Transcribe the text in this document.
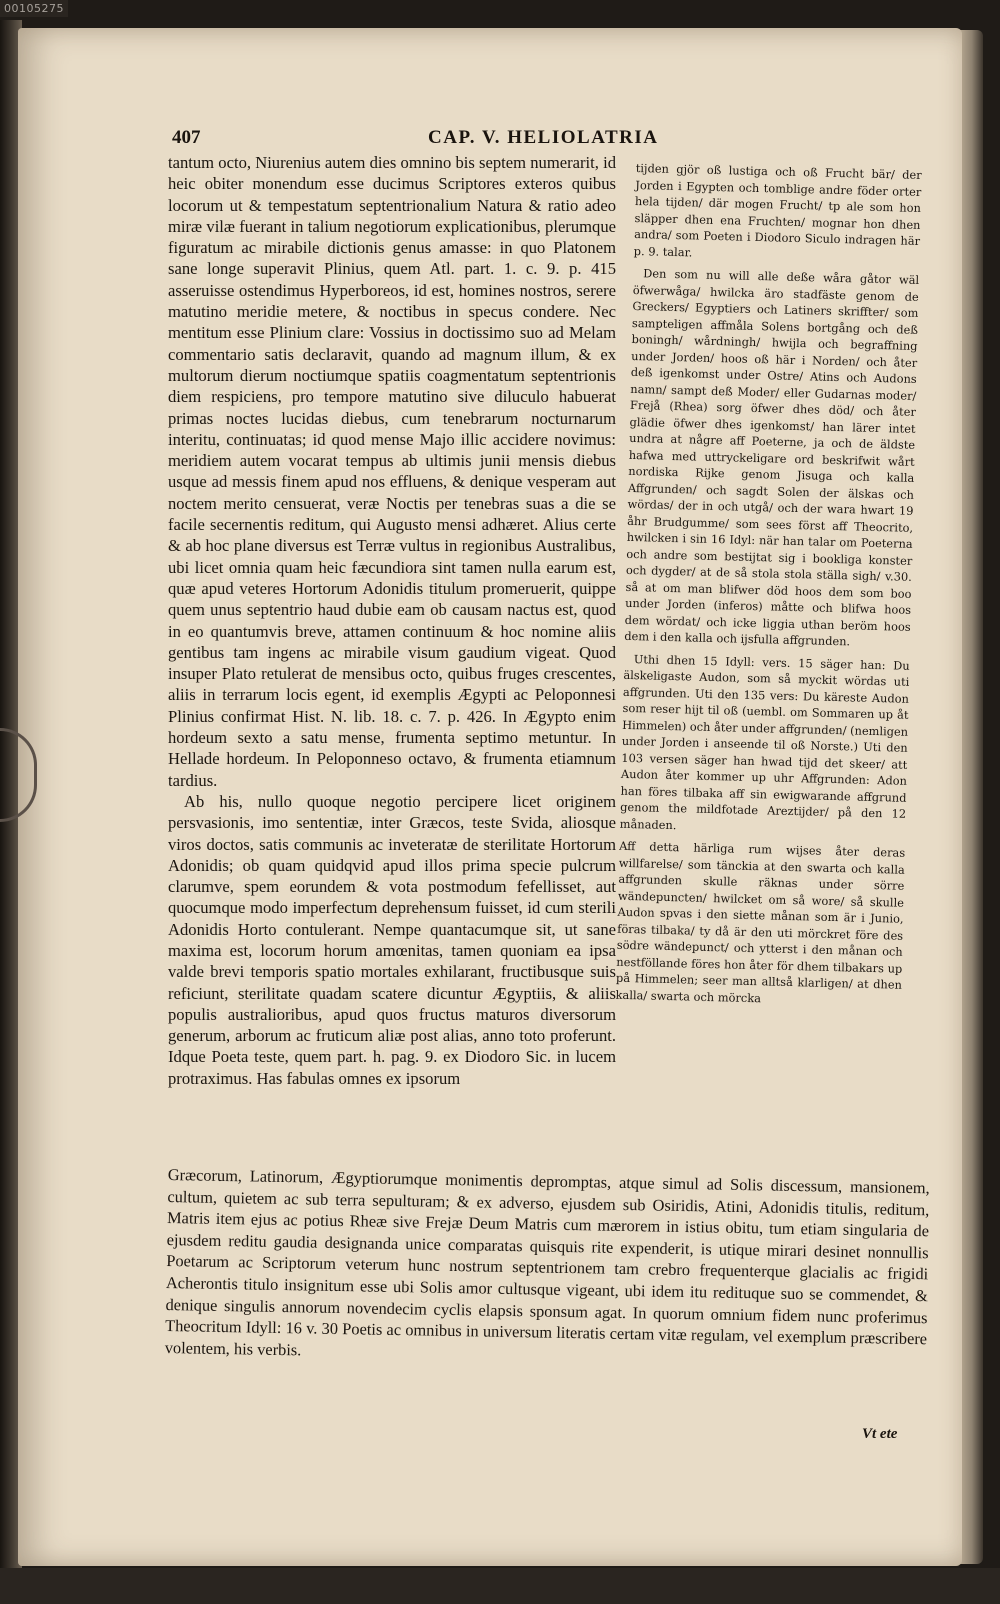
00105275
407	CAP. V. HELIOLATRIA

tantum octo, Niurenius autem dies omnino bis septem numerarit, id heic obiter monendum esse ducimus Scriptores exteros quibus locorum ut & tempestatum septentrionalium Natura & ratio adeo miræ vilæ fuerant in talium negotiorum explicationibus, plerumque figuratum ac mirabile dictionis genus amasse: in quo Platonem sane longe superavit Plinius, quem Atl. part. 1. c. 9. p. 415 asseruisse ostendimus Hyperboreos, id est, homines nostros, serere matutino meridie metere, & noctibus in specus condere. Nec mentitum esse Plinium clare: Vossius in doctissimo suo ad Melam commentario satis declaravit, quando ad magnum illum, & ex multorum dierum noctiumque spatiis coagmentatum septentrionis diem respiciens, pro tempore matutino sive diluculo habuerat primas noctes lucidas diebus, cum tenebrarum nocturnarum interitu, continuatas; id quod mense Majo illic accidere novimus: meridiem autem vocarat tempus ab ultimis junii mensis diebus usque ad messis finem apud nos effluens, & denique vesperam aut noctem merito censuerat, veræ Noctis per tenebras suas a die se facile secernentis reditum, qui Augusto mensi adhæret. Alius certe & ab hoc plane diversus est Terræ vultus in regionibus Australibus, ubi licet omnia quam heic fæcundiora sint tamen nulla earum est, quæ apud veteres Hortorum Adonidis titulum promeruerit, quippe quem unus septentrio haud dubie eam ob causam nactus est, quod in eo quantumvis breve, attamen continuum & hoc nomine aliis gentibus tam ingens ac mirabile visum gaudium vigeat. Quod insuper Plato retulerat de mensibus octo, quibus fruges crescentes, aliis in terrarum locis egent, id exemplis Ægypti ac Peloponnesi Plinius confirmat Hist. N. lib. 18. c. 7. p. 426. In Ægypto enim hordeum sexto a satu mense, frumenta septimo metuntur. In Hellade hordeum. In Peloponneso octavo, & frumenta etiamnum tardius.

Ab his, nullo quoque negotio percipere licet originem persvasionis, imo sententiæ, inter Græcos, teste Svida, aliosque viros doctos, satis communis ac inveteratæ de sterilitate Hortorum Adonidis; ob quam quidqvid apud illos prima specie pulcrum clarumve, spem eorundem & vota postmodum fefellisset, aut quocumque modo imperfectum deprehensum fuisset, id cum sterili Adonidis Horto contulerant. Nempe quantacumque sit, ut sane maxima est, locorum horum amœnitas, tamen quoniam ea ipsa valde brevi temporis spatio mortales exhilarant, fructibusque suis reficiunt, sterilitate quadam scatere dicuntur Ægyptiis, & aliis populis australioribus, apud quos fructus maturos diversorum generum, arborum ac fruticum aliæ post alias, anno toto proferunt. Idque Poeta teste, quem part. h. pag. 9. ex Diodoro Sic. in lucem protraximus. Has fabulas omnes ex ipsorum

tijden gjör oß lustiga och oß Frucht bär/ der Jorden i Egypten och tomblige andre föder orter hela tijden/ där mogen Frucht/ tp ale som hon släpper dhen ena Fruchten/ mognar hon dhen andra/ som Poeten i Diodoro Siculo indragen här p. 9. talar.

Den som nu will alle deße wåra gåtor wäl öfwerwåga/ hwilcka äro stadfäste genom de Greckers/ Egyptiers och Latiners skriffter/ som sampteligen affmåla Solens bortgång och deß boningh/ wårdningh/ hwijla och begraffning under Jorden/ hoos oß här i Norden/ och åter deß igenkomst under Ostre/ Atins och Audons namn/ sampt deß Moder/ eller Gudarnas moder/ Frejå (Rhea) sorg öfwer dhes död/ och åter glädie öfwer dhes igenkomst/ han lärer intet undra at någre aff Poeterne, ja och de äldste hafwa med uttryckeligare ord beskrifwit wårt nordiska Rijke genom Jisuga och kalla Affgrunden/ och sagdt Solen der älskas och wördas/ der in och utgå/ och der wara hwart 19 åhr Brudgumme/ som sees först aff Theocrito, hwilcken i sin 16 Idyl: när han talar om Poeterna och andre som bestijtat sig i bookliga konster och dygder/ at de så stola stola ställa sigh/ v.30. så at om man blifwer död hoos dem som boo under Jorden (inferos) måtte och blifwa hoos dem wördat/ och icke liggia uthan beröm hoos dem i den kalla och ijsfulla affgrunden.

Uthi dhen 15 Idyll: vers. 15 säger han: Du älskeligaste Audon, som så myckit wördas uti affgrunden. Uti den 135 vers: Du käreste Audon som reser hijt til oß (uembl. om Sommaren up åt Himmelen) och åter under affgrunden/ (nemligen under Jorden i anseende til oß Norste.) Uti den 103 versen säger han hwad tijd det skeer/ att Audon åter kommer up uhr Affgrunden: Adon han föres tilbaka aff sin ewigwarande affgrund genom the mildfotade Areztijder/ på den 12 månaden.

Aff detta härliga rum wijses åter deras willfarelse/ som tänckia at den swarta och kalla affgrunden skulle räknas under sörre wändepuncten/ hwilcket om så wore/ så skulle Audon spvas i den siette månan som är i Junio, föras tilbaka/ ty då är den uti mörckret före des södre wändepunct/ och ytterst i den månan och nestföllande föres hon åter för dhem tilbakars up på Himmelen; seer man alltså klarligen/ at dhen kalla/ swarta och mörcka

Græcorum, Latinorum, Ægyptiorumque monimentis depromptas, atque simul ad Solis discessum, mansionem, cultum, quietem ac sub terra sepulturam; & ex adverso, ejusdem sub Osiridis, Atini, Adonidis titulis, reditum, Matris item ejus ac potius Rheæ sive Frejæ Deum Matris cum mærorem in istius obitu, tum etiam singularia de ejusdem reditu gaudia designanda unice comparatas quisquis rite expenderit, is utique mirari desinet nonnullis Poetarum ac Scriptorum veterum hunc nostrum septentrionem tam crebro frequenterque glacialis ac frigidi Acherontis titulo insignitum esse ubi Solis amor cultusque vigeant, ubi idem itu redituque suo se commendet, & denique singulis annorum novendecim cyclis elapsis sponsum agat. In quorum omnium fidem nunc proferimus Theocritum Idyll: 16 v. 30 Poetis ac omnibus in universum literatis certam vitæ regulam, vel exemplum præscribere volentem, his verbis.

Vt ete
